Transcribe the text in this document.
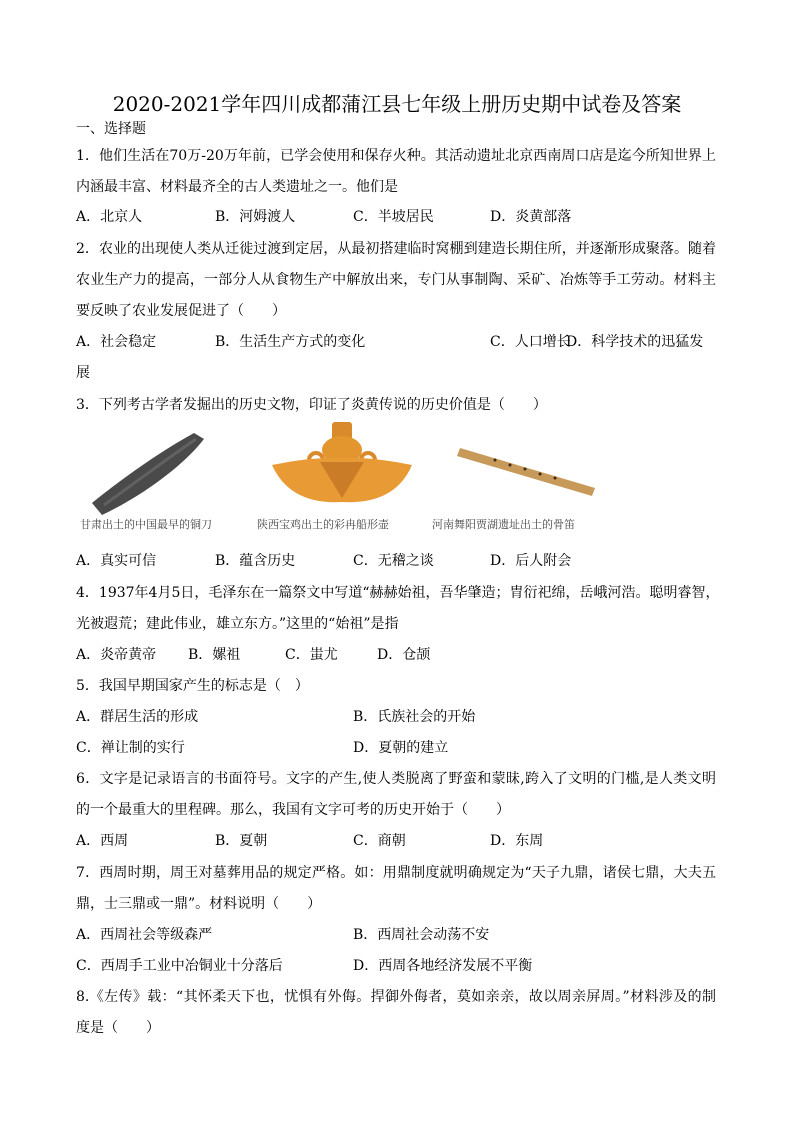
2020-2021学年四川成都蒲江县七年级上册历史期中试卷及答案
一、选择题
1．他们生活在70万-20万年前，已学会使用和保存火种。其活动遗址北京西南周口店是迄今所知世界上
内涵最丰富、材料最齐全的古人类遗址之一。他们是
A．北京人	B．河姆渡人	C．半坡居民	D．炎黄部落
2．农业的出现使人类从迁徙过渡到定居，从最初搭建临时窝棚到建造长期住所，并逐渐形成聚落。随着
农业生产力的提高，一部分人从食物生产中解放出来，专门从事制陶、采矿、冶炼等手工劳动。材料主
要反映了农业发展促进了（　　）
A．社会稳定	B．生活生产方式的变化	C．人口增长
D．科学技术的迅猛发
展
3．下列考古学者发掘出的历史文物，印证了炎黄传说的历史价值是（　　）
甘肃出土的中国最早的铜刀	陕西宝鸡出土的彩冉船形壶	河南舞阳贾湖遗址出土的骨笛
A．真实可信	B．蕴含历史	C．无稽之谈	D．后人附会
4．1937年4月5日，毛泽东在一篇祭文中写道“赫赫始祖，吾华肇造；胄衍祀绵，岳峨河浩。聪明睿智，
光被遐荒；建此伟业，雄立东方。”这里的“始祖”是指
A．炎帝黄帝 B．嫘祖	C．蚩尤	D．仓颉
5．我国早期国家产生的标志是（　）
A．群居生活的形成	B．氏族社会的开始
C．禅让制的实行	D．夏朝的建立
6．文字是记录语言的书面符号。文字的产生,使人类脱离了野蛮和蒙昧,跨入了文明的门槛,是人类文明
的一个最重大的里程碑。那么，我国有文字可考的历史开始于（　　）
A．西周	B．夏朝	C．商朝	D．东周
7．西周时期，周王对墓葬用品的规定严格。如：用鼎制度就明确规定为“天子九鼎，诸侯七鼎，大夫五
鼎，士三鼎或一鼎”。材料说明（　　）
A．西周社会等级森严	B．西周社会动荡不安
C．西周手工业中冶铜业十分落后	D．西周各地经济发展不平衡
8.《左传》载：“其怀柔天下也，忧惧有外侮。捍御外侮者，莫如亲亲，故以周亲屏周。”材料涉及的制
度是（　　）
